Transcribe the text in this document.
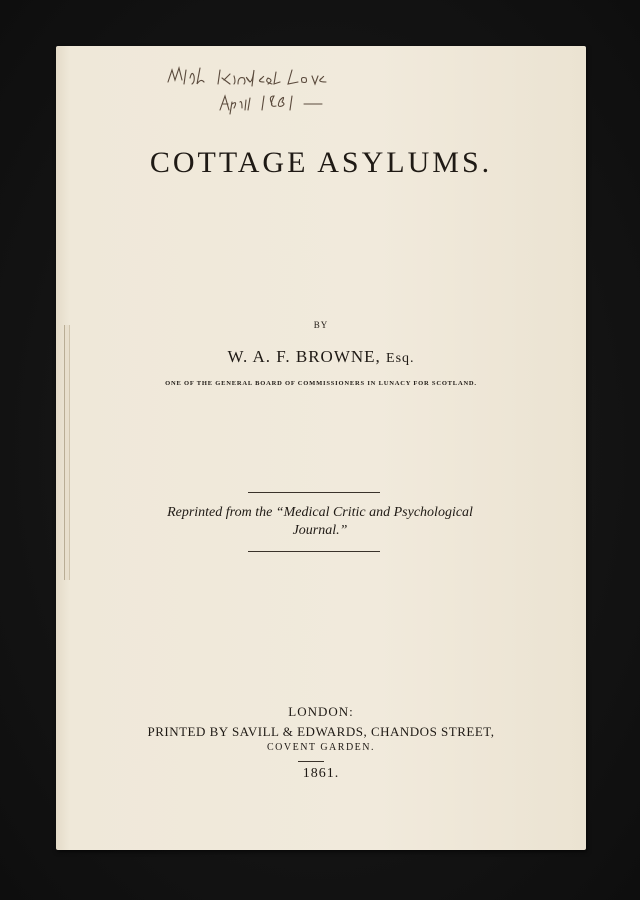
With kindest Love
April 1861 —
COTTAGE ASYLUMS.
BY
W. A. F. BROWNE, Esq.
ONE OF THE GENERAL BOARD OF COMMISSIONERS IN LUNACY FOR SCOTLAND.
Reprinted from the “Medical Critic and Psychological
Journal.”
LONDON:
PRINTED BY SAVILL & EDWARDS, CHANDOS STREET,
COVENT GARDEN.
1861.
